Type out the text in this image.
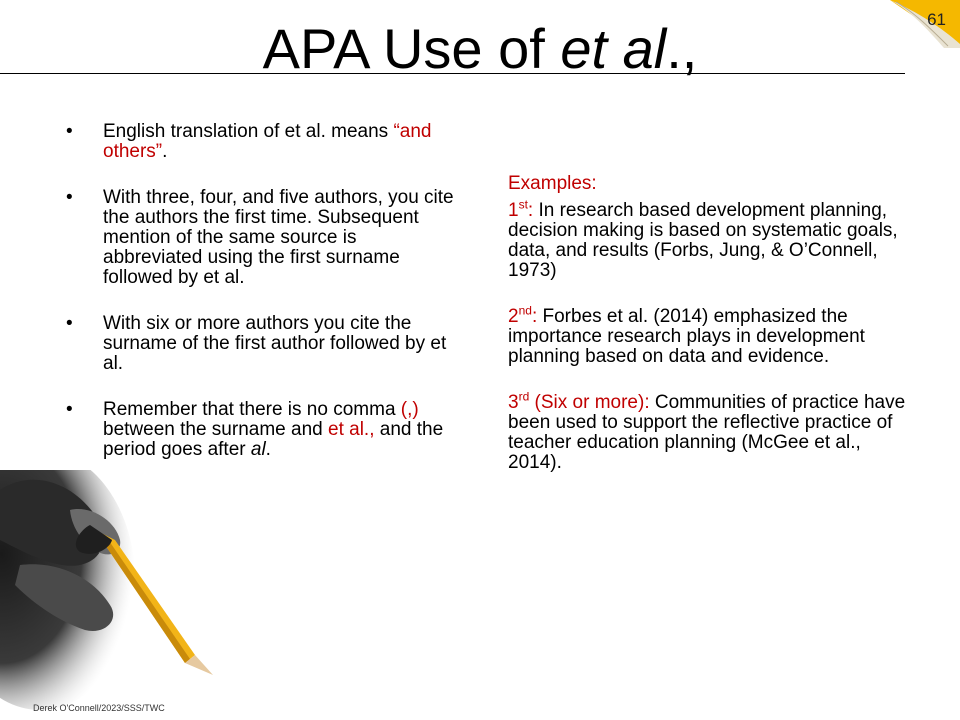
61
APA Use of et al.,
• English translation of et al. means “and others”.
• With three, four, and five authors, you cite the authors the first time. Subsequent mention of the same source is abbreviated using the first surname followed by et al.
• With six or more authors you cite the surname of the first author followed by et al.
• Remember that there is no comma (,) between the surname and et al., and the period goes after al.
Examples:
1st: In research based development planning, decision making is based on systematic goals, data, and results (Forbs, Jung, & O’Connell, 1973)
2nd: Forbes et al. (2014) emphasized the importance research plays in development planning based on data and evidence.
3rd (Six or more): Communities of practice have been used to support the reflective practice of teacher education planning (McGee et al., 2014).
Derek O'Connell/2023/SSS/TWC
